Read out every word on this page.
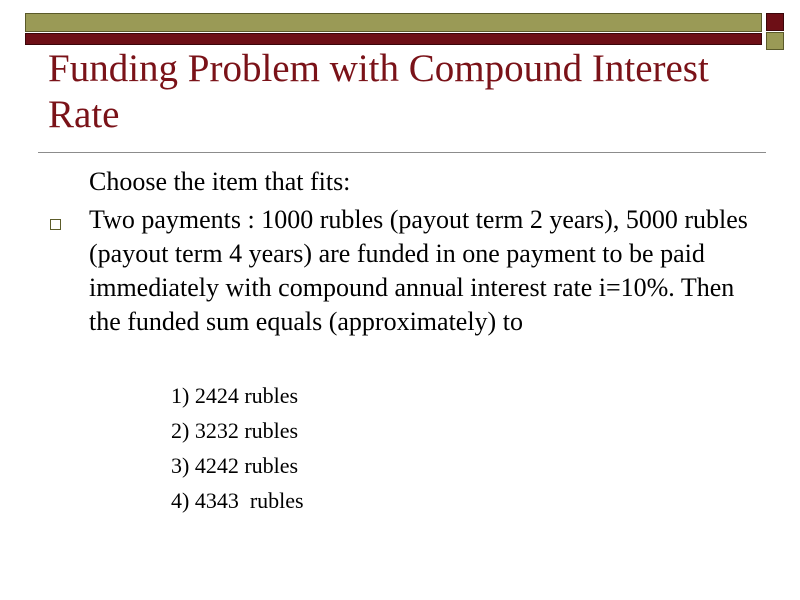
Funding Problem with Compound Interest Rate
Choose the item that fits:

Two payments : 1000 rubles (payout term 2 years), 5000 rubles (payout term 4 years) are funded in one payment to be paid immediately with compound annual interest rate i=10%. Then the funded sum equals (approximately) to

1) 2424 rubles
2) 3232 rubles
3) 4242 rubles
4) 4343  rubles
